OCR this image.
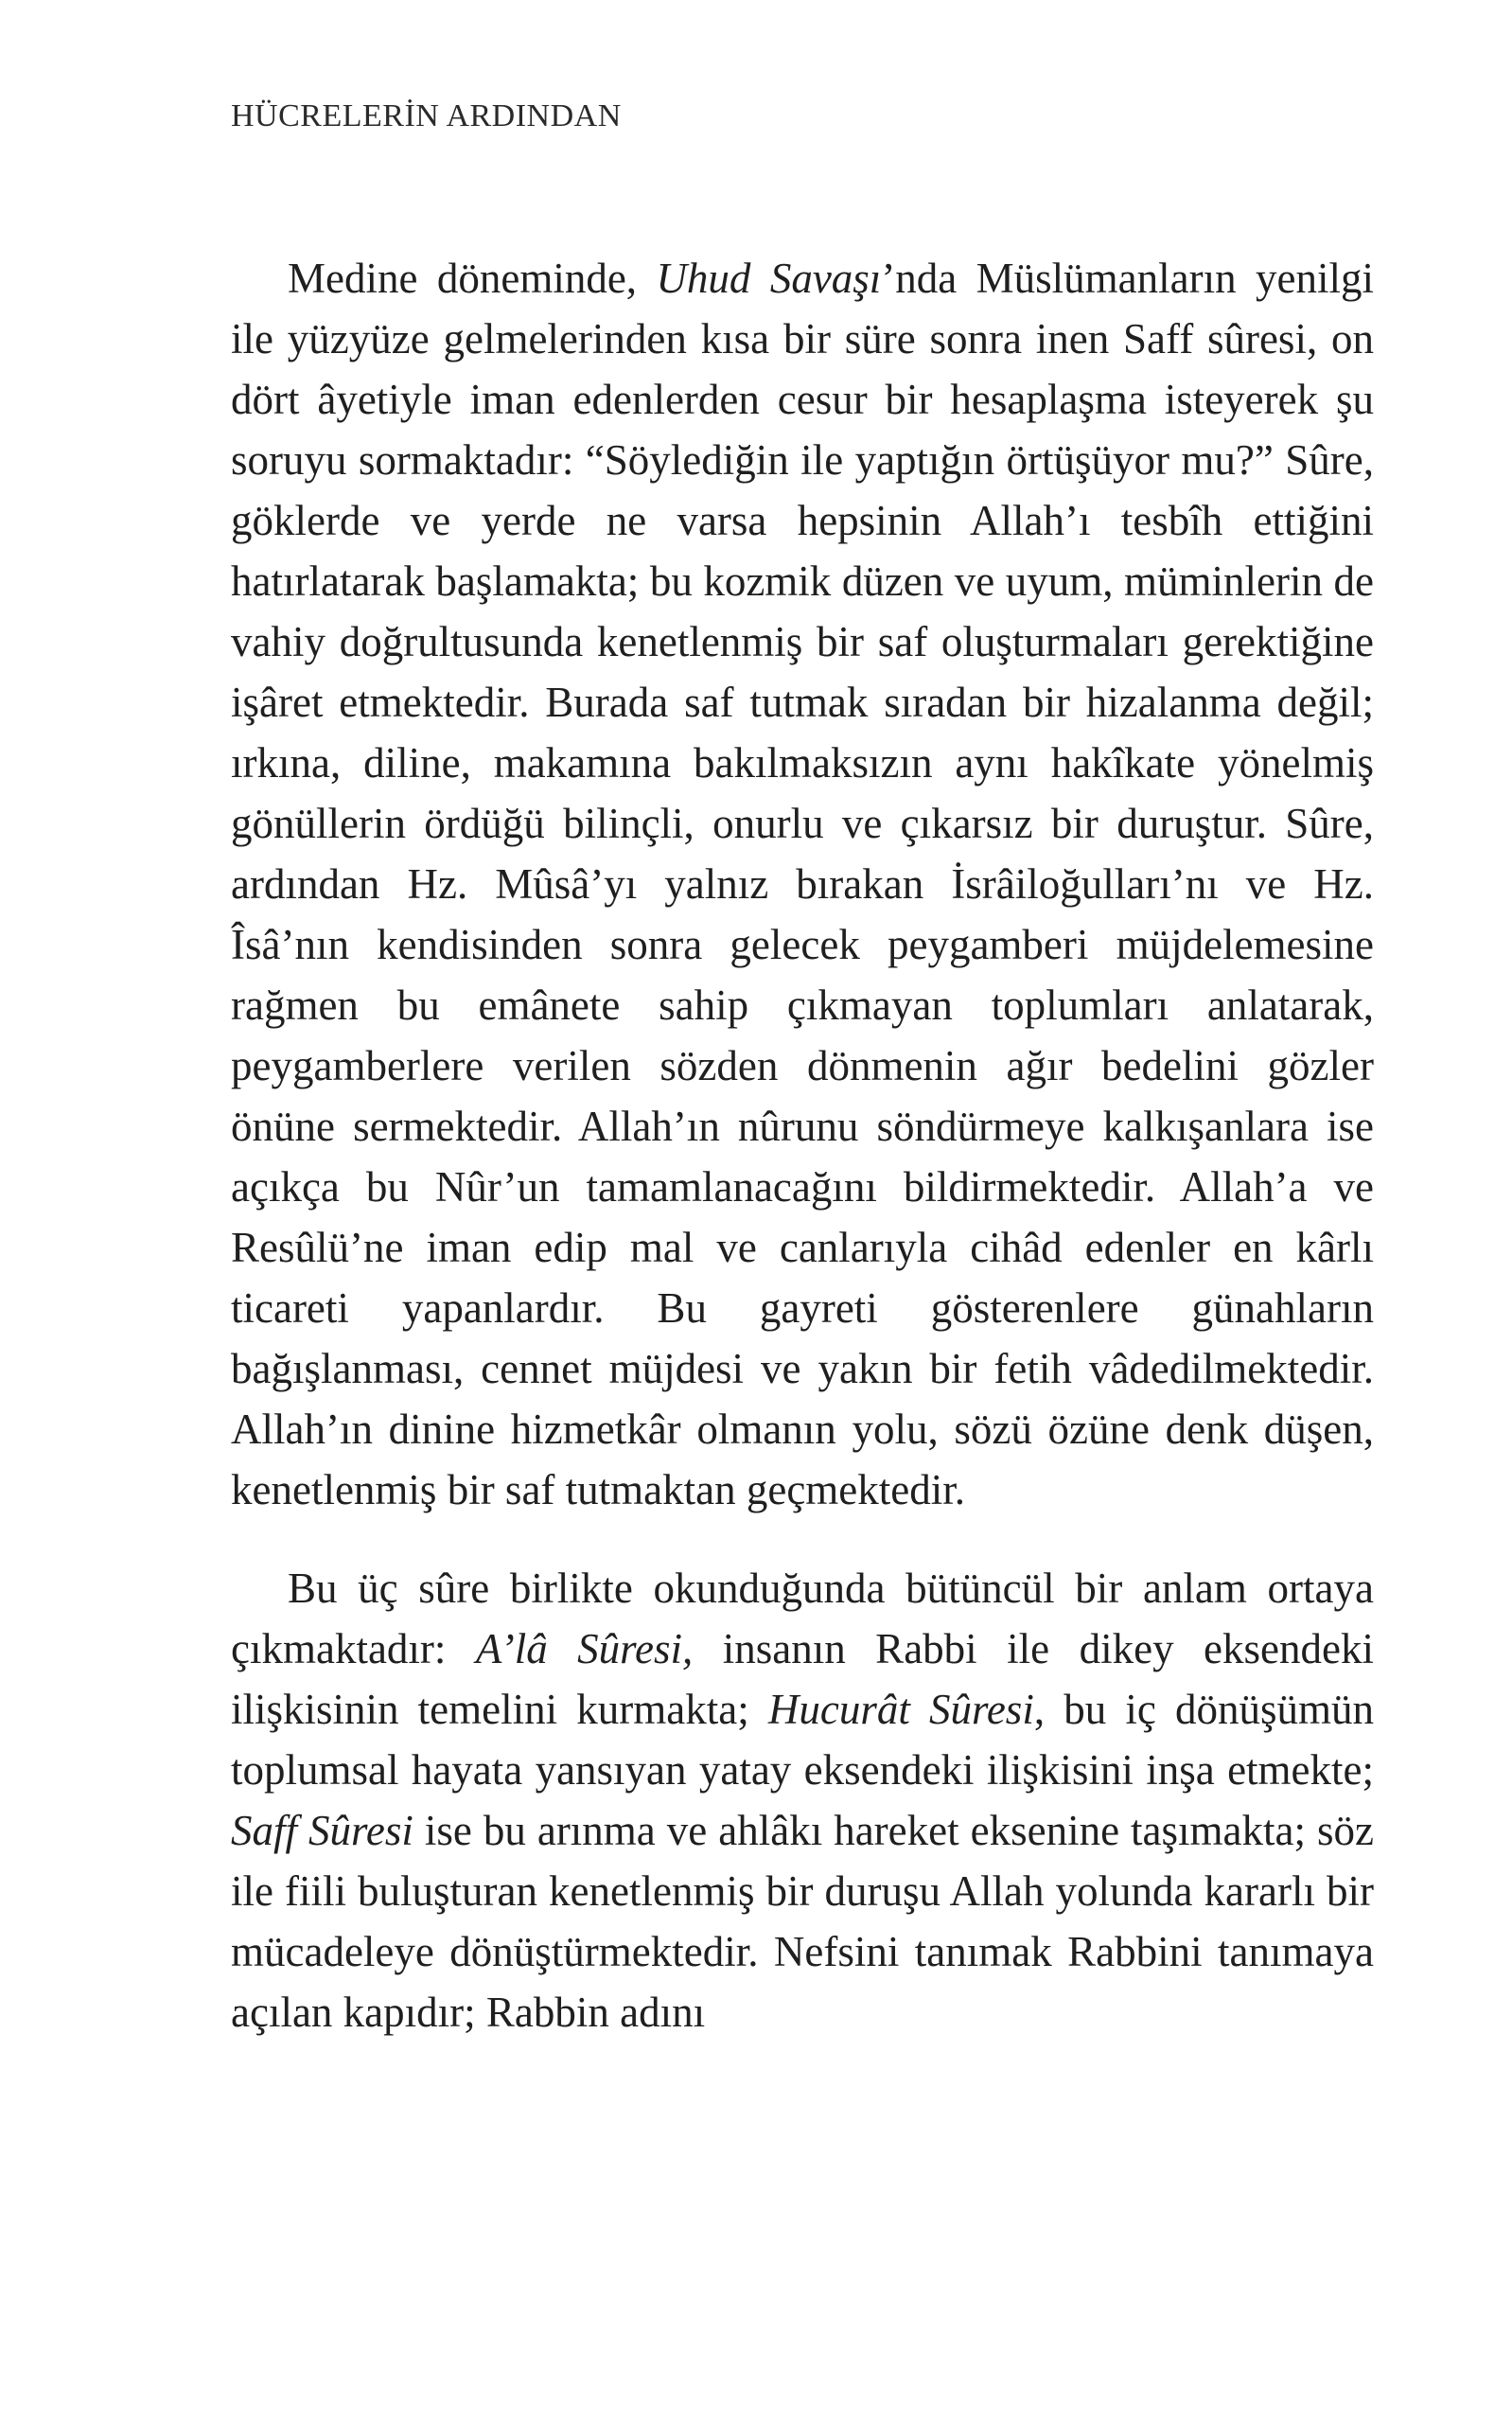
HÜCRELERİN ARDINDAN

Medine döneminde, Uhud Savaşı’nda Müslümanların yenilgi ile yüzyüze gelmelerinden kısa bir süre sonra inen Saff sûresi, on dört âyetiyle iman edenlerden cesur bir hesaplaşma isteyerek şu soruyu sormaktadır: “Söylediğin ile yaptığın örtüşüyor mu?” Sûre, göklerde ve yerde ne varsa hepsinin Allah’ı tesbîh ettiğini hatırlatarak başlamakta; bu kozmik düzen ve uyum, müminlerin de vahiy doğrultusunda kenetlenmiş bir saf oluşturmaları gerektiğine işâret etmektedir. Burada saf tutmak sıradan bir hizalanma değil; ırkına, diline, makamına bakılmaksızın aynı hakîkate yönelmiş gönüllerin ördüğü bilinçli, onurlu ve çıkarsız bir duruştur. Sûre, ardından Hz. Mûsâ’yı yalnız bırakan İsrâiloğulları’nı ve Hz. Îsâ’nın kendisinden sonra gelecek peygamberi müjdelemesine rağmen bu emânete sahip çıkmayan toplumları anlatarak, peygamberlere verilen sözden dönmenin ağır bedelini gözler önüne sermektedir. Allah’ın nûrunu söndürmeye kalkışanlara ise açıkça bu Nûr’un tamamlanacağını bildirmektedir. Allah’a ve Resûlü’ne iman edip mal ve canlarıyla cihâd edenler en kârlı ticareti yapanlardır. Bu gayreti gösterenlere günahların bağışlanması, cennet müjdesi ve yakın bir fetih vâdedilmektedir. Allah’ın dinine hizmetkâr olmanın yolu, sözü özüne denk düşen, kenetlenmiş bir saf tutmaktan geçmektedir.

Bu üç sûre birlikte okunduğunda bütüncül bir anlam ortaya çıkmaktadır: A’lâ Sûresi, insanın Rabbi ile dikey eksendeki ilişkisinin temelini kurmakta; Hucurât Sûresi, bu iç dönüşümün toplumsal hayata yansıyan yatay eksendeki ilişkisini inşa etmekte; Saff Sûresi ise bu arınma ve ahlâkı hareket eksenine taşımakta; söz ile fiili buluşturan kenetlenmiş bir duruşu Allah yolunda kararlı bir mücadeleye dönüştürmektedir. Nefsini tanımak Rabbini tanımaya açılan kapıdır; Rabbin adını
